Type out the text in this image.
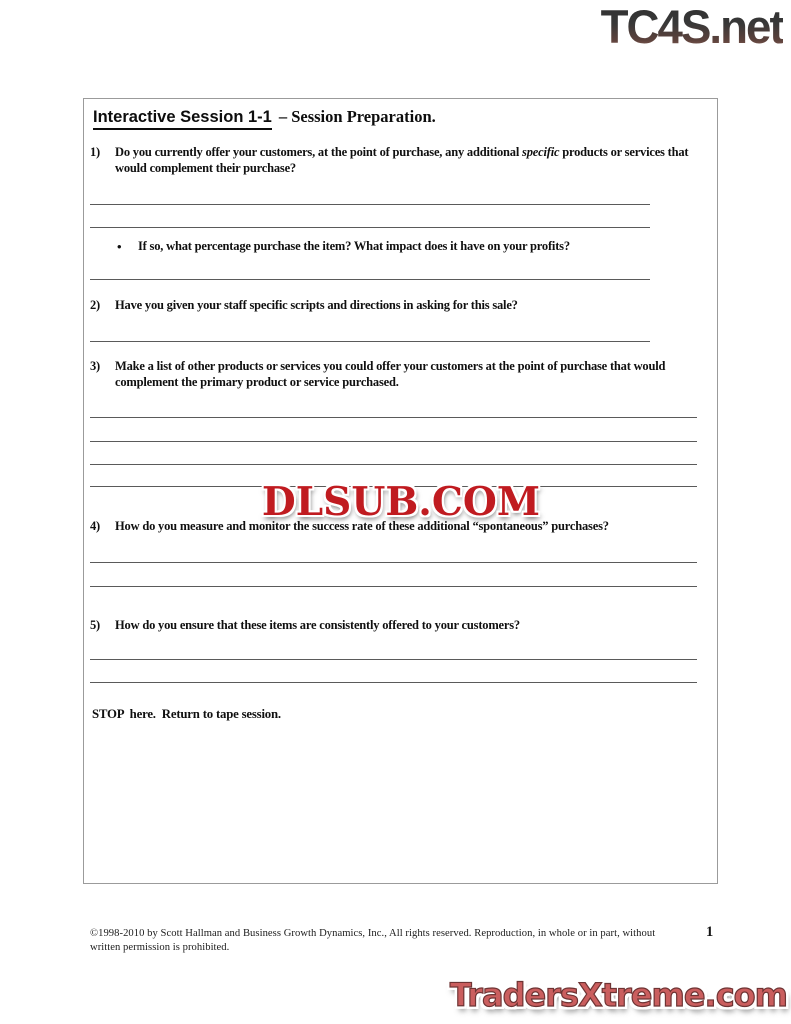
TC4S.net
Interactive Session 1-1 – Session Preparation.
1)	Do you currently offer your customers, at the point of purchase, any additional specific products or services that would complement their purchase?
•	If so, what percentage purchase the item? What impact does it have on your profits?
2)	Have you given your staff specific scripts and directions in asking for this sale?
3)	Make a list of other products or services you could offer your customers at the point of purchase that would complement the primary product or service purchased.
4)	How do you measure and monitor the success rate of these additional “spontaneous” purchases?
5)	How do you ensure that these items are consistently offered to your customers?
STOP  here.  Return to tape session.
DLSUB.COM
©1998-2010 by Scott Hallman and Business Growth Dynamics, Inc., All rights reserved. Reproduction, in whole or in part, without written permission is prohibited.
1
TradersXtreme.com
